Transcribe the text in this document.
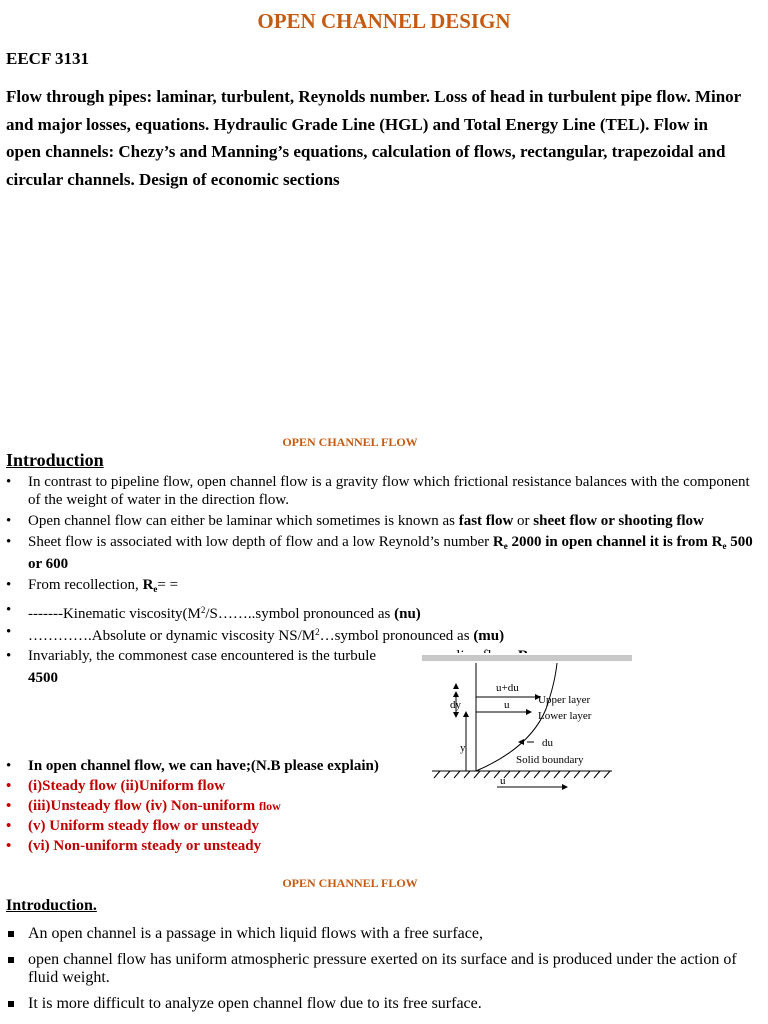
OPEN CHANNEL DESIGN
EECF 3131
Flow through pipes: laminar, turbulent, Reynolds number. Loss of head in turbulent pipe flow. Minor and major losses, equations. Hydraulic Grade Line (HGL) and Total Energy Line (TEL). Flow in open channels: Chezy’s and Manning’s equations, calculation of flows, rectangular, trapezoidal and circular channels. Design of economic sections
OPEN CHANNEL FLOW
Introduction
• In contrast to pipeline flow, open channel flow is a gravity flow which frictional resistance balances with the component of the weight of water in the direction flow.
• Open channel flow can either be laminar which sometimes is known as fast flow or sheet flow or shooting flow
• Sheet flow is associated with low depth of flow and a low Reynold’s number $R_e$ 2000 in open channel it is from $R_e$ 500 or 600
• From recollection, $R_e=$ =
• -------Kinematic $viscosity(M^2/S\dots\dots..symbol$ pronounced as (nu)
• ………….Absolute or dynamic viscosity $NS/M^2\dots symbol$ pronounced as (mu)
• Invariably, the commonest case encountered is the turbule
4500
• In open channel flow, we can have;(N.B please explain)
• (i)Steady flow (ii)Uniform flow
• (iii)Unsteady flow (iv) Non-uniform flow
• (v) Uniform steady flow or unsteady
• (vi) Non-uniform steady or unsteady
u+du
Upper layer
Lower layer
dy	u
y	du
Solid boundary
u
OPEN CHANNEL FLOW
Introduction.
An open channel is a passage in which liquid flows with a free surface,
open channel flow has uniform atmospheric pressure exerted on its surface and is produced under the action of fluid weight.
It is more difficult to analyze open channel flow due to its free surface.
